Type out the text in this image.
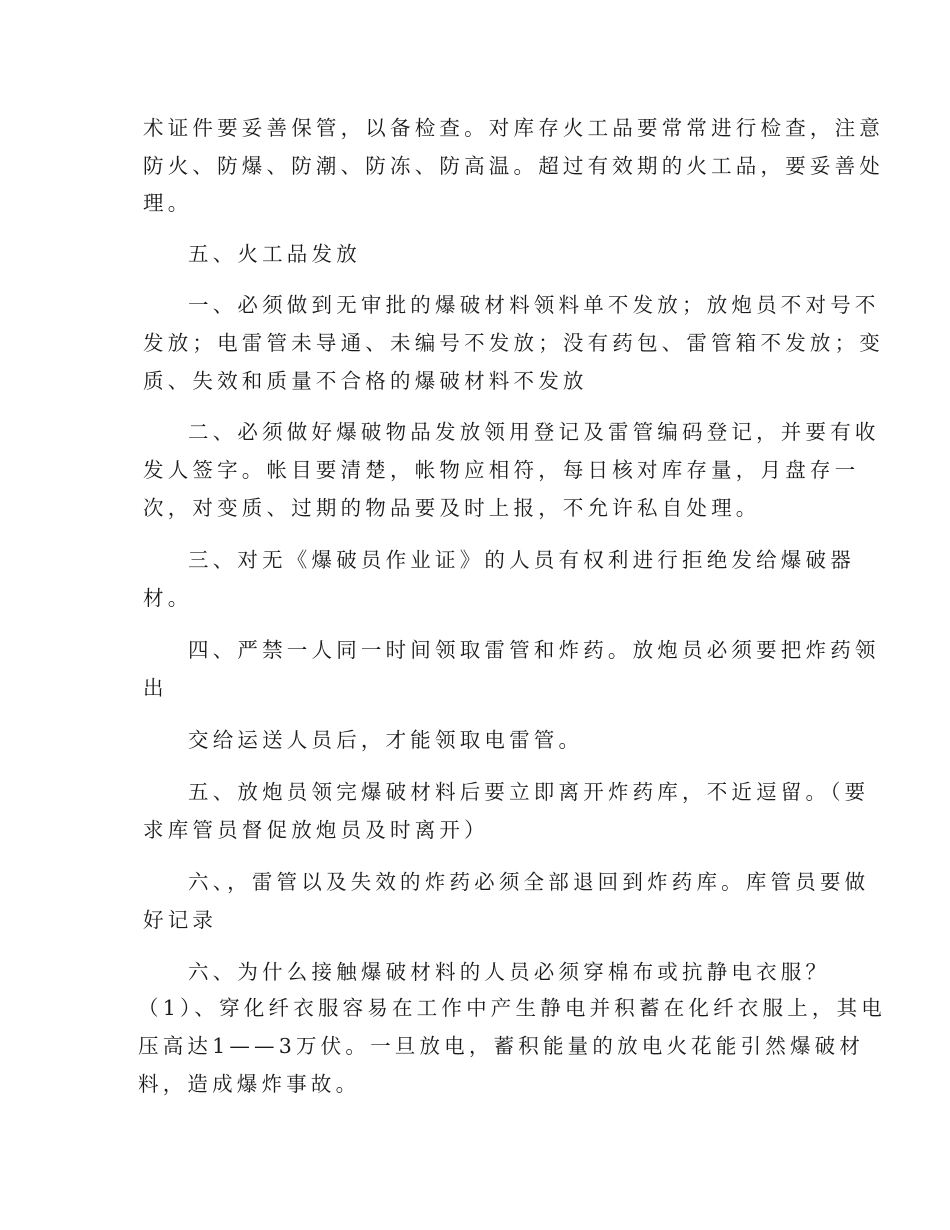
术证件要妥善保管，以备检查。对库存火工品要常常进行检查，注意
防火、防爆、防潮、防冻、防高温。超过有效期的火工品，要妥善处
理。
五、火工品发放
一、必须做到无审批的爆破材料领料单不发放；放炮员不对号不
发放；电雷管未导通、未编号不发放；没有药包、雷管箱不发放；变
质、失效和质量不合格的爆破材料不发放
二、必须做好爆破物品发放领用登记及雷管编码登记，并要有收
发人签字。帐目要清楚，帐物应相符，每日核对库存量，月盘存一
次，对变质、过期的物品要及时上报，不允许私自处理。
三、对无《爆破员作业证》的人员有权利进行拒绝发给爆破器
材。
四、严禁一人同一时间领取雷管和炸药。放炮员必须要把炸药领
出
交给运送人员后，才能领取电雷管。
五、放炮员领完爆破材料后要立即离开炸药库，不近逗留。（要
求库管员督促放炮员及时离开）
六、，雷管以及失效的炸药必须全部退回到炸药库。库管员要做
好记录
六、为什么接触爆破材料的人员必须穿棉布或抗静电衣服？
（1）、穿化纤衣服容易在工作中产生静电并积蓄在化纤衣服上，其电
压高达1——3万伏。一旦放电，蓄积能量的放电火花能引然爆破材
料，造成爆炸事故。
